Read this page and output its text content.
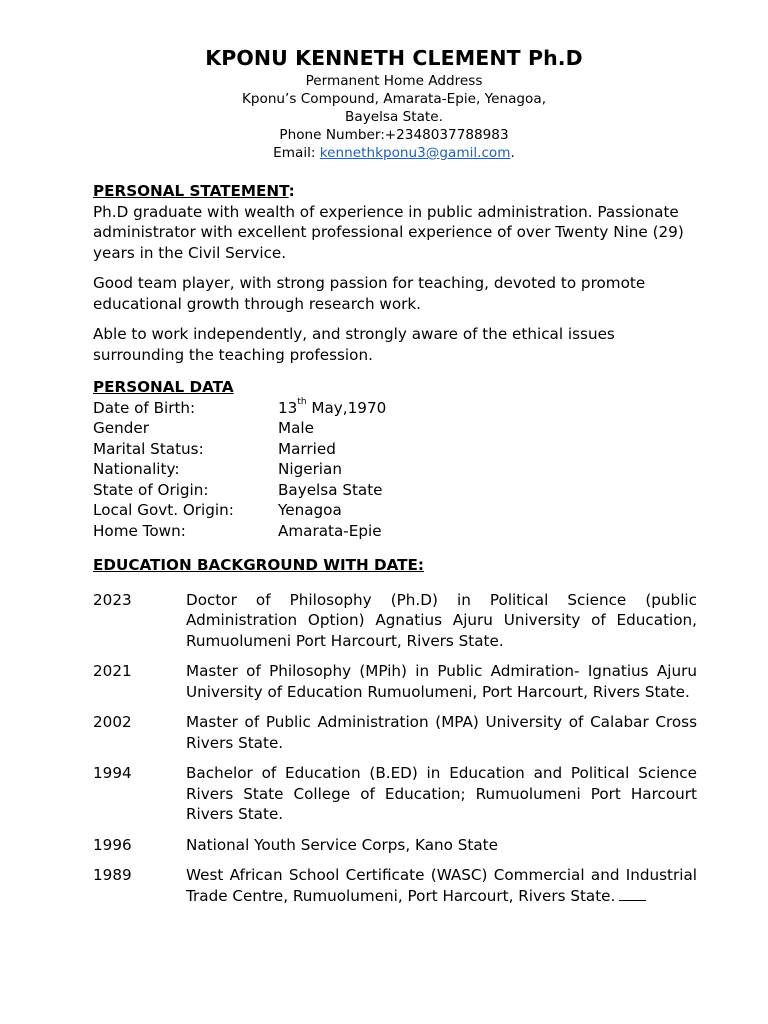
KPONU KENNETH CLEMENT Ph.D
Permanent Home Address
Kponu’s Compound, Amarata-Epie, Yenagoa,
Bayelsa State.
Phone Number:+2348037788983
Email: kennethkponu3@gamil.com.
PERSONAL STATEMENT:

Ph.D graduate with wealth of experience in public administration. Passionate administrator with excellent professional experience of over Twenty Nine (29) years in the Civil Service.

Good team player, with strong passion for teaching, devoted to promote educational growth through research work.

Able to work independently, and strongly aware of the ethical issues surrounding the teaching profession.

PERSONAL DATA
Date of Birth:	13th May,1970
Gender	Male
Marital Status:	Married
Nationality:	Nigerian
State of Origin:	Bayelsa State
Local Govt. Origin:	Yenagoa
Home Town:	Amarata-Epie
EDUCATION BACKGROUND WITH DATE:
2023	Doctor of Philosophy (Ph.D) in Political Science (public Administration Option) Agnatius Ajuru University of Education, Rumuolumeni Port Harcourt, Rivers State.
2021	Master of Philosophy (MPih) in Public Admiration- Ignatius Ajuru University of Education Rumuolumeni, Port Harcourt, Rivers State.
2002	Master of Public Administration (MPA) University of Calabar Cross Rivers State.
1994	Bachelor of Education (B.ED) in Education and Political Science Rivers State College of Education; Rumuolumeni Port Harcourt Rivers State.
1996	National Youth Service Corps, Kano State
1989	West African School Certificate (WASC) Commercial and Industrial Trade Centre, Rumuolumeni, Port Harcourt, Rivers State.
